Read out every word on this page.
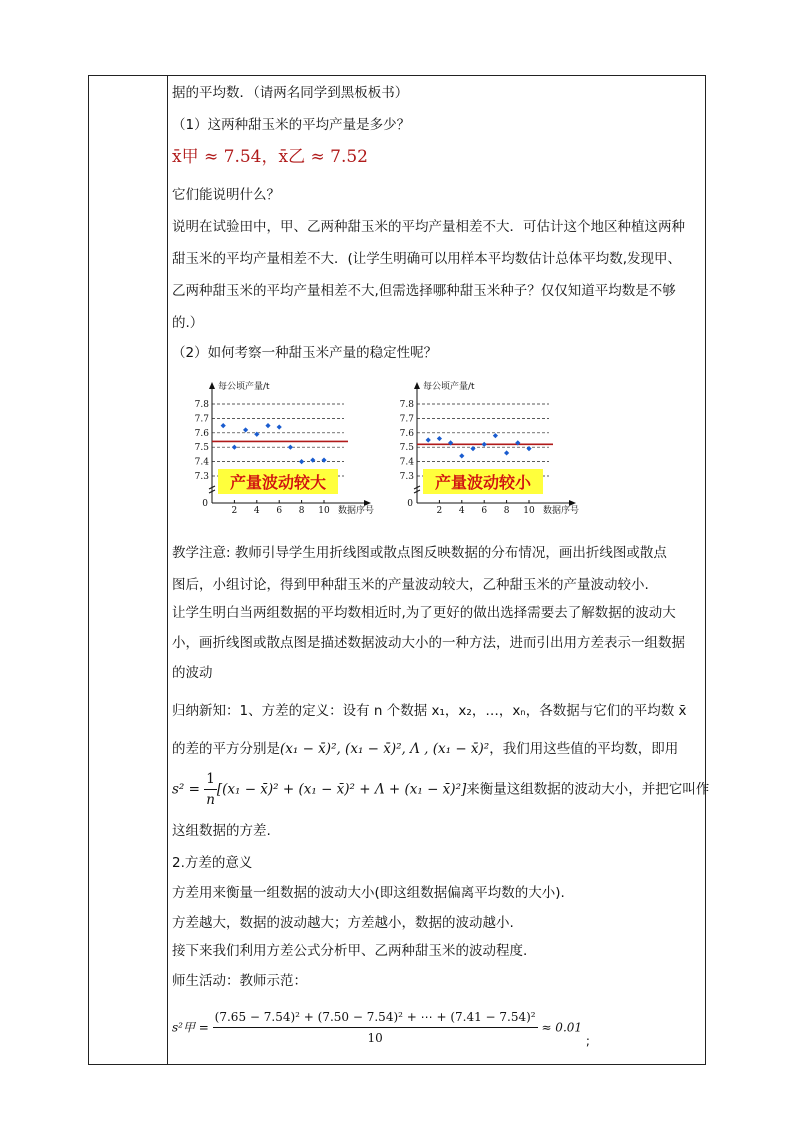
据的平均数．（请两名同学到黑板板书）
（1）这两种甜玉米的平均产量是多少？
x̄甲 ≈ 7.54，x̄乙 ≈ 7.52
它们能说明什么？
说明在试验田中，甲、乙两种甜玉米的平均产量相差不大．可估计这个地区种植这两种
甜玉米的平均产量相差不大．(让学生明确可以用样本平均数估计总体平均数,发现甲、
乙两种甜玉米的平均产量相差不大,但需选择哪种甜玉米种子？仅仅知道平均数是不够
的.）
（2）如何考察一种甜玉米产量的稳定性呢？
每公顷产量/t
7.8
7.7
7.6
7.5
7.4
7.3
0
2 4 6 8 10 数据序号
产量波动较大
每公顷产量/t
7.8
7.7
7.6
7.5
7.4
7.3
0
2 4 6 8 10 数据序号
产量波动较小
教学注意: 教师引导学生用折线图或散点图反映数据的分布情况，画出折线图或散点
图后，小组讨论，得到甲种甜玉米的产量波动较大，乙种甜玉米的产量波动较小.
让学生明白当两组数据的平均数相近时,为了更好的做出选择需要去了解数据的波动大
小，画折线图或散点图是描述数据波动大小的一种方法，进而引出用方差表示一组数据
的波动
归纳新知：1、方差的定义：设有 n 个数据 x₁，x₂，…，xₙ，各数据与它们的平均数 x̄
的差的平方分别是(x₁ − x̄)², (x₁ − x̄)², Λ , (x₁ − x̄)²，我们用这些值的平均数，即用
$s^2 = \frac{1}{n} [(x_1$ − x̄)² + (x₁ − x̄)² + Λ + (x₁ − x̄)²]来衡量这组数据的波动大小，并把它叫作
这组数据的方差.
2.方差的意义
方差用来衡量一组数据的波动大小(即这组数据偏离平均数的大小).
方差越大，数据的波动越大；方差越小，数据的波动越小.
接下来我们利用方差公式分析甲、乙两种甜玉米的波动程度.
师生活动：教师示范：
s²甲 = $\frac{\text{(7.65 − 7.54)² + (7.50 − 7.54)² + ⋯ + (7.41 − 7.54)²}}{10} \approx 0.01$ ;
